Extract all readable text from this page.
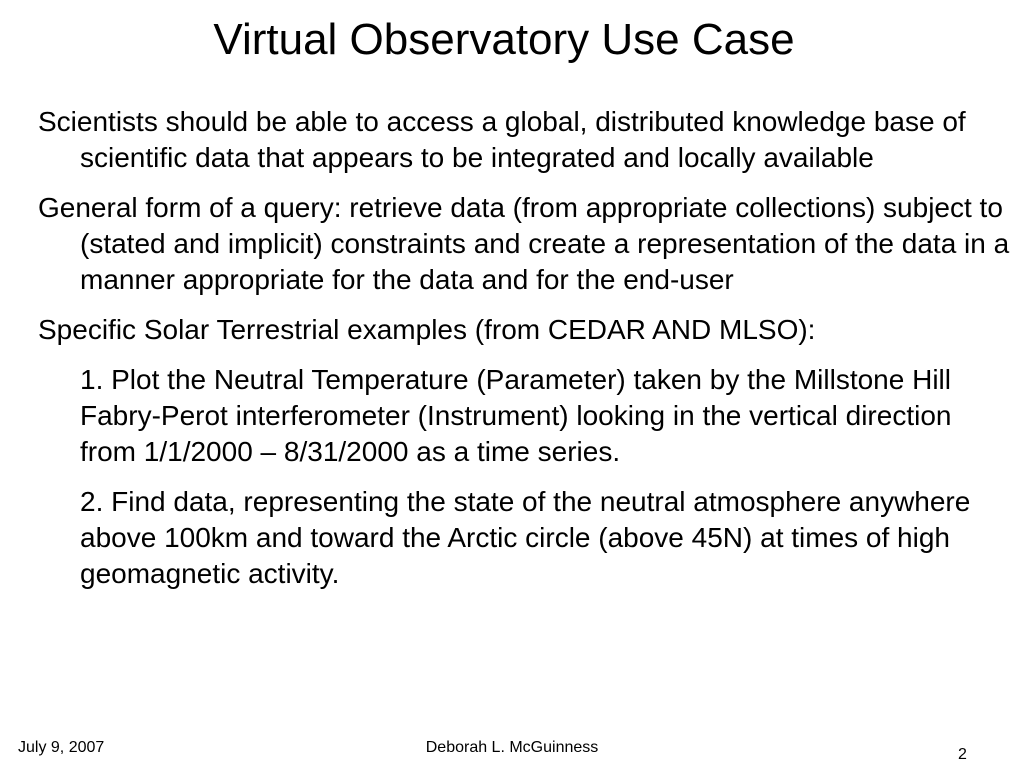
Virtual Observatory Use Case

Scientists should be able to access a global, distributed knowledge base of scientific data that appears to be integrated and locally available

General form of a query: retrieve data (from appropriate collections) subject to (stated and implicit) constraints and create a representation of the data in a manner appropriate for the data and for the end-user

Specific Solar Terrestrial examples (from CEDAR AND MLSO):

1. Plot the Neutral Temperature (Parameter) taken by the Millstone Hill Fabry-Perot interferometer (Instrument) looking in the vertical direction from 1/1/2000 – 8/31/2000 as a time series.

2. Find data, representing the state of the neutral atmosphere anywhere above 100km and toward the Arctic circle (above 45N) at times of high geomagnetic activity.

July 9, 2007	Deborah L. McGuinness	2
